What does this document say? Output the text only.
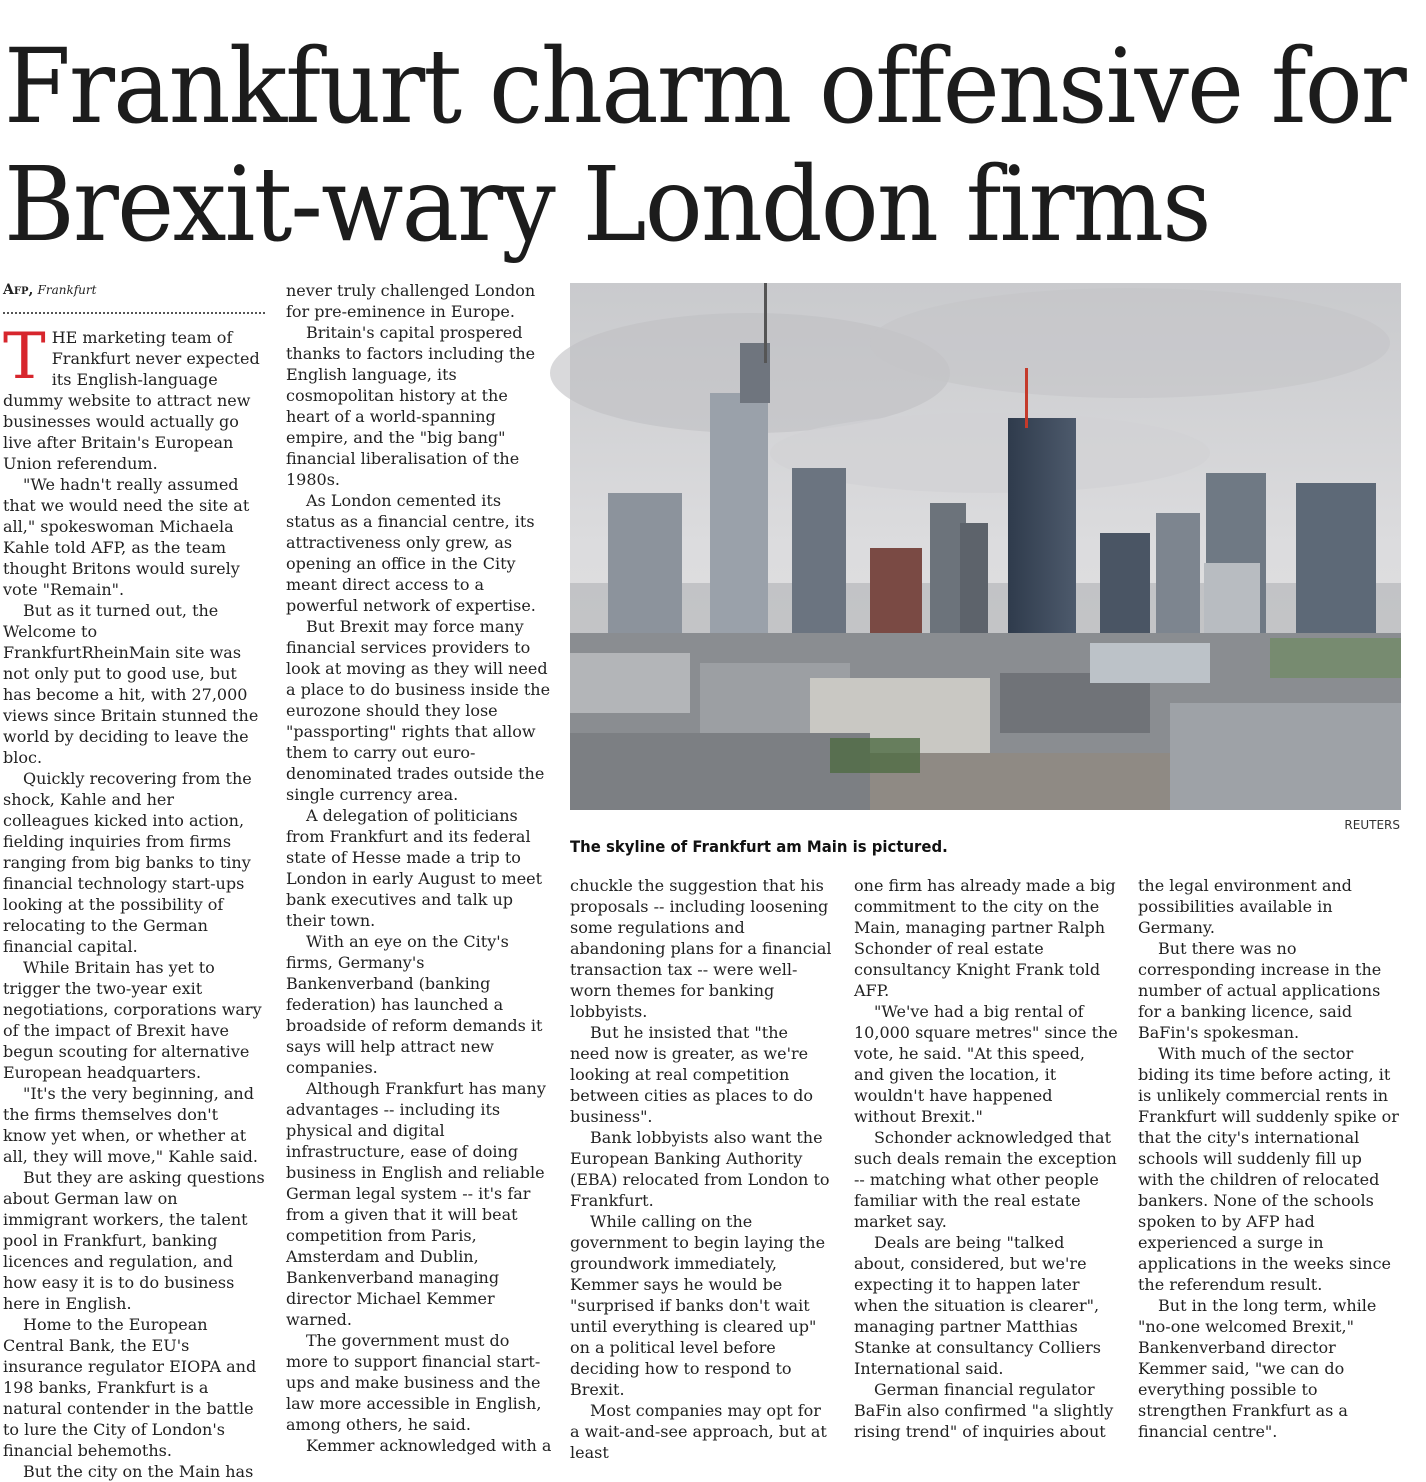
Frankfurt charm offensive for
Brexit-wary London firms
Afp, Frankfurt

THE marketing team of Frankfurt never expected its English-language dummy website to attract new businesses would actually go live after Britain's European Union referendum.

"We hadn't really assumed that we would need the site at all," spokeswoman Michaela Kahle told AFP, as the team thought Britons would surely vote "Remain".

But as it turned out, the Welcome to FrankfurtRheinMain site was not only put to good use, but has become a hit, with 27,000 views since Britain stunned the world by deciding to leave the bloc.

Quickly recovering from the shock, Kahle and her colleagues kicked into action, fielding inquiries from firms ranging from big banks to tiny financial technology start-ups looking at the possibility of relocating to the German financial capital.

While Britain has yet to trigger the two-year exit negotiations, corporations wary of the impact of Brexit have begun scouting for alternative European headquarters.

"It's the very beginning, and the firms themselves don't know yet when, or whether at all, they will move," Kahle said.

But they are asking questions about German law on immigrant workers, the talent pool in Frankfurt, banking licences and regulation, and how easy it is to do business here in English.

Home to the European Central Bank, the EU's insurance regulator EIOPA and 198 banks, Frankfurt is a natural contender in the battle to lure the City of London's financial behemoths.

But the city on the Main has

never truly challenged London for pre-eminence in Europe.

Britain's capital prospered thanks to factors including the English language, its cosmopolitan history at the heart of a world-spanning empire, and the "big bang" financial liberalisation of the 1980s.

As London cemented its status as a financial centre, its attractiveness only grew, as opening an office in the City meant direct access to a powerful network of expertise.

But Brexit may force many financial services providers to look at moving as they will need a place to do business inside the eurozone should they lose "passporting" rights that allow them to carry out euro-denominated trades outside the single currency area.

A delegation of politicians from Frankfurt and its federal state of Hesse made a trip to London in early August to meet bank executives and talk up their town.

With an eye on the City's firms, Germany's Bankenverband (banking federation) has launched a broadside of reform demands it says will help attract new companies.

Although Frankfurt has many advantages -- including its physical and digital infrastructure, ease of doing business in English and reliable German legal system -- it's far from a given that it will beat competition from Paris, Amsterdam and Dublin, Bankenverband managing director Michael Kemmer warned.

The government must do more to support financial start-ups and make business and the law more accessible in English, among others, he said.

Kemmer acknowledged with a

REUTERS
The skyline of Frankfurt am Main is pictured.

chuckle the suggestion that his proposals -- including loosening some regulations and abandoning plans for a financial transaction tax -- were well-worn themes for banking lobbyists.

But he insisted that "the need now is greater, as we're looking at real competition between cities as places to do business".

Bank lobbyists also want the European Banking Authority (EBA) relocated from London to Frankfurt.

While calling on the government to begin laying the groundwork immediately, Kemmer says he would be "surprised if banks don't wait until everything is cleared up" on a political level before deciding how to respond to Brexit.

Most companies may opt for a wait-and-see approach, but at least

one firm has already made a big commitment to the city on the Main, managing partner Ralph Schonder of real estate consultancy Knight Frank told AFP.

"We've had a big rental of 10,000 square metres" since the vote, he said. "At this speed, and given the location, it wouldn't have happened without Brexit."

Schonder acknowledged that such deals remain the exception -- matching what other people familiar with the real estate market say.

Deals are being "talked about, considered, but we're expecting it to happen later when the situation is clearer", managing partner Matthias Stanke at consultancy Colliers International said.

German financial regulator BaFin also confirmed "a slightly rising trend" of inquiries about

the legal environment and possibilities available in Germany.

But there was no corresponding increase in the number of actual applications for a banking licence, said BaFin's spokesman.

With much of the sector biding its time before acting, it is unlikely commercial rents in Frankfurt will suddenly spike or that the city's international schools will suddenly fill up with the children of relocated bankers. None of the schools spoken to by AFP had experienced a surge in applications in the weeks since the referendum result.

But in the long term, while "no-one welcomed Brexit," Bankenverband director Kemmer said, "we can do everything possible to strengthen Frankfurt as a financial centre".
